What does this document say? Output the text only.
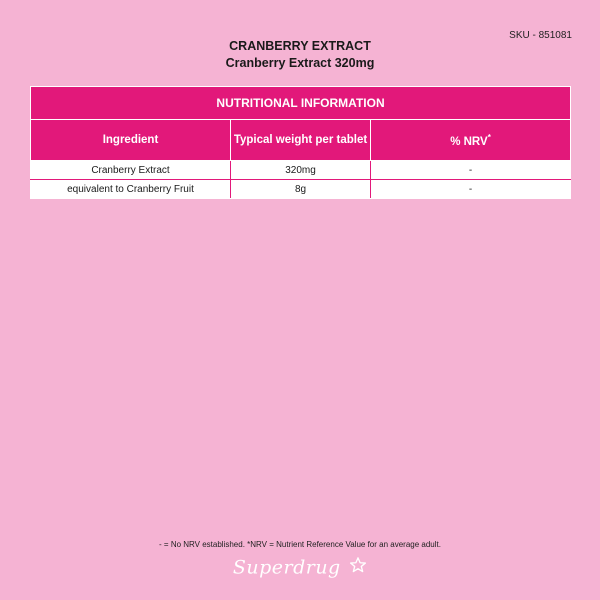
SKU - 851081
CRANBERRY EXTRACT
Cranberry Extract 320mg
NUTRITIONAL INFORMATION		
Ingredient	Typical weight per tablet	% NRV*
Cranberry Extract	320mg	-
equivalent to Cranberry Fruit	8g	-
- = No NRV established. *NRV = Nutrient Reference Value for an average adult.
Superdrug
